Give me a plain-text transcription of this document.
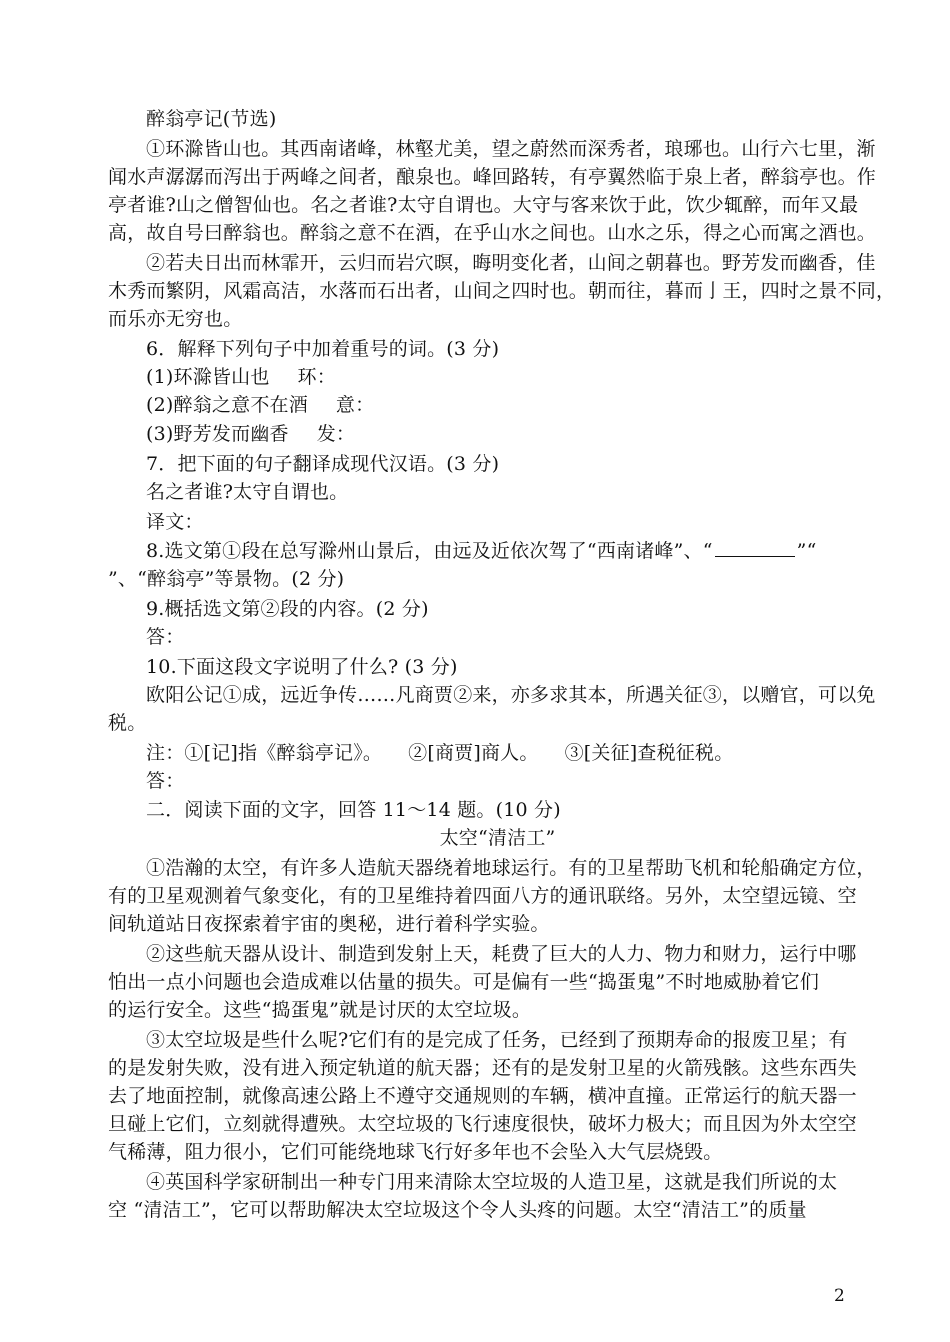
醉翁亭记(节选)
①环滁皆山也。其西南诸峰，林壑尤美，望之蔚然而深秀者，琅琊也。山行六七里，渐
闻水声潺潺而泻出于两峰之间者，酿泉也。峰回路转，有亭翼然临于泉上者，醉翁亭也。作
亭者谁?山之僧智仙也。名之者谁?太守自谓也。大守与客来饮于此，饮少辄醉，而年又最
高，故自号曰醉翁也。醉翁之意不在酒，在乎山水之间也。山水之乐，得之心而寓之酒也。
②若夫日出而林霏开，云归而岩穴暝，晦明变化者，山间之朝暮也。野芳发而幽香，佳
木秀而繁阴，风霜高洁，水落而石出者，山间之四时也。朝而往，暮而亅王，四时之景不同，
而乐亦无穷也。
6．解释下列句子中加着重号的词。(3 分)
(1)环滁皆山也 环：
(2)醉翁之意不在酒 意：
(3)野芳发而幽香 发：
7．把下面的句子翻译成现代汉语。(3 分)
名之者谁?太守自谓也。
译文：
8.选文第①段在总写滁州山景后，由远及近依次驾了“西南诸峰”、“	”“
”、“醉翁亭”等景物。(2 分)
9.概括选文第②段的内容。(2 分)
答：
10.下面这段文字说明了什么? (3 分)
欧阳公记①成，远近争传……凡商贾②来，亦多求其本，所遇关征③，以赠官，可以免
税。
注：①[记]指《醉翁亭记》。 ②[商贾]商人。 ③[关征]查税征税。
答：
二．阅读下面的文字，回答 11～14 题。(10 分)
太空“清洁工”
①浩瀚的太空，有许多人造航天器绕着地球运行。有的卫星帮助飞机和轮船确定方位，
有的卫星观测着气象变化，有的卫星维持着四面八方的通讯联络。另外，太空望远镜、空
间轨道站日夜探索着宇宙的奥秘，进行着科学实验。
②这些航天器从设计、制造到发射上天，耗费了巨大的人力、物力和财力，运行中哪
怕出一点小问题也会造成难以估量的损失。可是偏有一些“捣蛋鬼”不时地威胁着它们
的运行安全。这些“捣蛋鬼”就是讨厌的太空垃圾。
③太空垃圾是些什么呢?它们有的是完成了任务，已经到了预期寿命的报废卫星；有
的是发射失败，没有进入预定轨道的航天器；还有的是发射卫星的火箭残骸。这些东西失
去了地面控制，就像高速公路上不遵守交通规则的车辆，横冲直撞。正常运行的航天器一
旦碰上它们，立刻就得遭殃。太空垃圾的飞行速度很快，破坏力极大；而且因为外太空空
气稀薄，阻力很小，它们可能绕地球飞行好多年也不会坠入大气层烧毁。
④英国科学家研制出一种专门用来清除太空垃圾的人造卫星，这就是我们所说的太
空 “清洁工”，它可以帮助解决太空垃圾这个令人头疼的问题。太空“清洁工”的质量
2
